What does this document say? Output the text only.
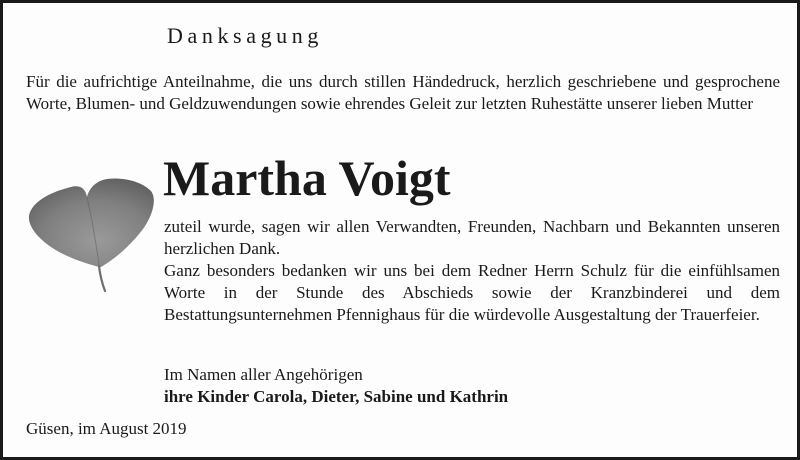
Danksagung
Für die aufrichtige Anteilnahme, die uns durch stillen Händedruck, herzlich geschriebene und gesprochene Worte, Blumen- und Geldzuwendungen sowie ehrendes Geleit zur letzten Ruhestätte unserer lieben Mutter
Martha Voigt

zuteil wurde, sagen wir allen Verwandten, Freunden, Nachbarn und Bekannten unseren herzlichen Dank.

Ganz besonders bedanken wir uns bei dem Redner Herrn Schulz für die einfühlsamen Worte in der Stunde des Abschieds sowie der Kranzbinderei und dem Bestattungsunternehmen Pfennighaus für die würdevolle Ausgestaltung der Trauerfeier.

Im Namen aller Angehörigen
ihre Kinder Carola, Dieter, Sabine und Kathrin
Güsen, im August 2019
